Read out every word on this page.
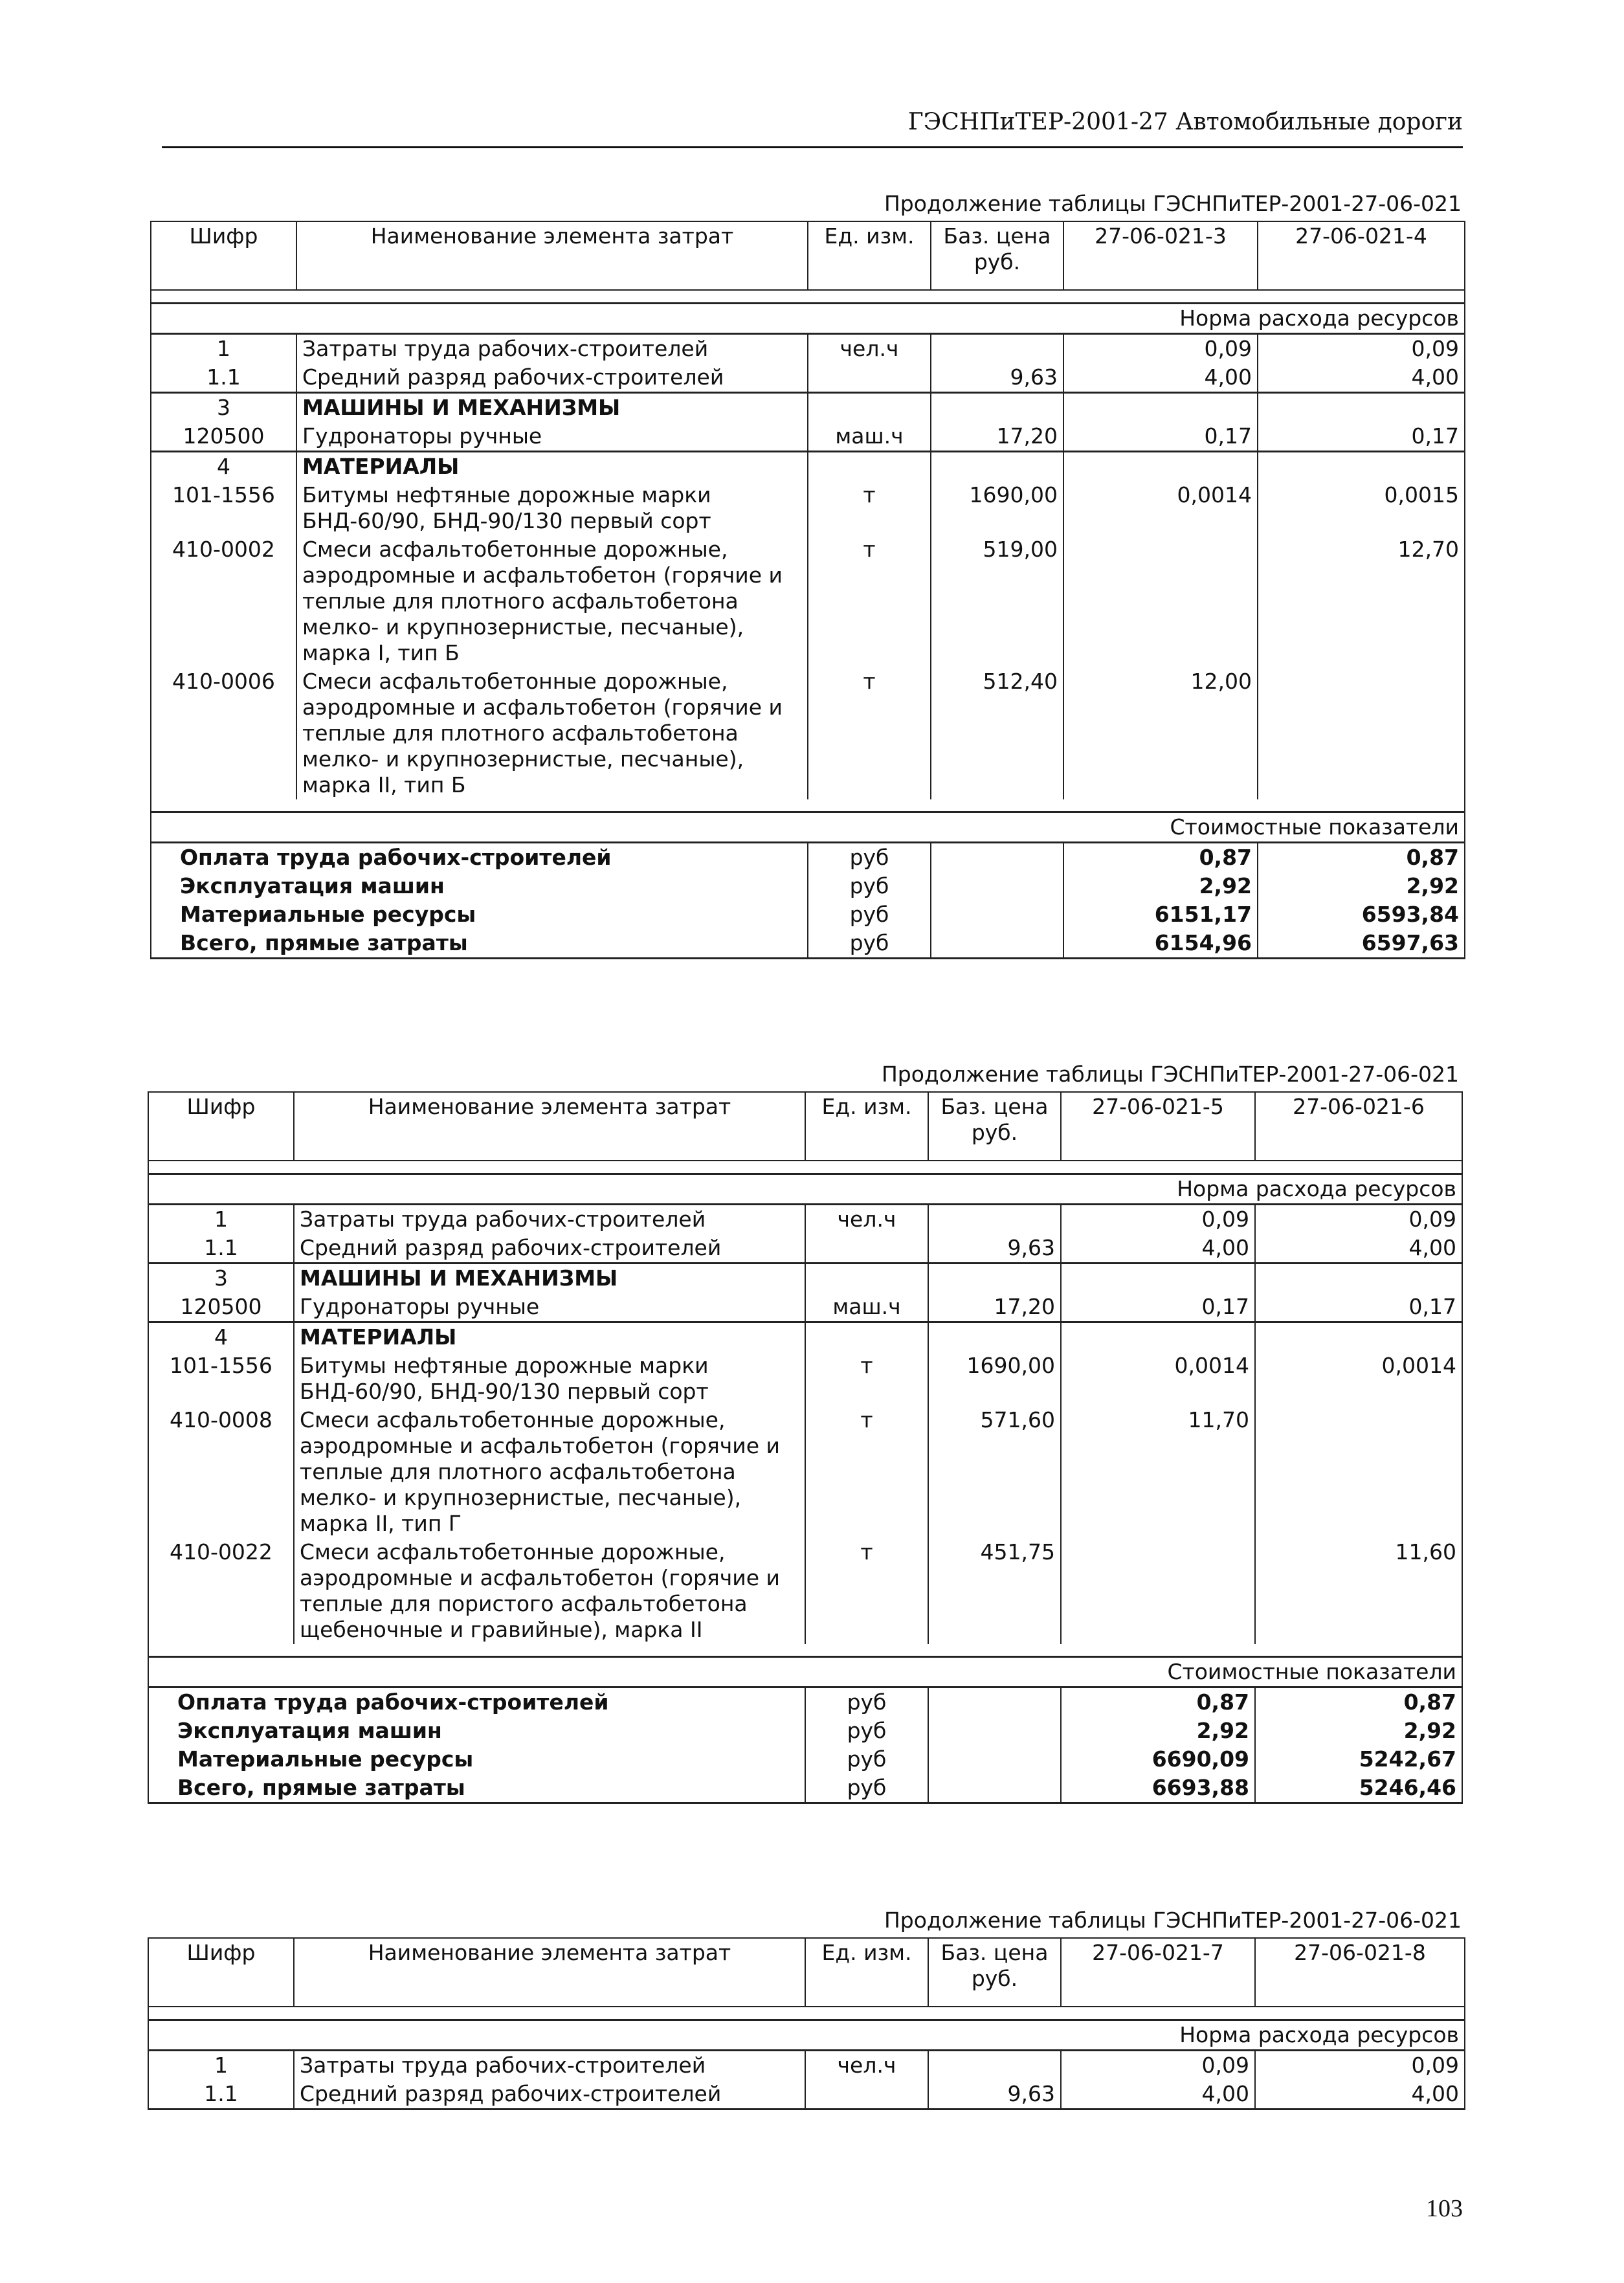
ГЭСНПиТЕР-2001-27 Автомобильные дороги
Продолжение таблицы ГЭСНПиТЕР-2001-27-06-021
Шифр	Наименование элемента затрат	Ед. изм.	Баз. цена руб.	27-06-021-3	27-06-021-4

Норма расхода ресурсов					
1	Затраты труда рабочих-строителей	чел.ч		0,09	0,09
1.1	Средний разряд рабочих-строителей		9,63	4,00	4,00
3	МАШИНЫ И МЕХАНИЗМЫ				
120500	Гудронаторы ручные	маш.ч	17,20	0,17	0,17
4	МАТЕРИАЛЫ				
101-1556	Битумы нефтяные дорожные марки БНД-60/90, БНД-90/130 первый сорт	т	1690,00	0,0014	0,0015
410-0002	Смеси асфальтобетонные дорожные, аэродромные и асфальтобетон (горячие и теплые для плотного асфальтобетона мелко- и крупнозернистые, песчаные), марка I, тип Б	т	519,00		12,70
410-0006	Смеси асфальтобетонные дорожные, аэродромные и асфальтобетон (горячие и теплые для плотного асфальтобетона мелко- и крупнозернистые, песчаные), марка II, тип Б	т	512,40	12,00	

Стоимостные показатели					
Оплата труда рабочих-строителей		руб		0,87	0,87
Эксплуатация машин		руб		2,92	2,92
Материальные ресурсы		руб		6151,17	6593,84
Всего, прямые затраты		руб		6154,96	6597,63
Продолжение таблицы ГЭСНПиТЕР-2001-27-06-021
Шифр	Наименование элемента затрат	Ед. изм.	Баз. цена руб.	27-06-021-5	27-06-021-6

Норма расхода ресурсов					
1	Затраты труда рабочих-строителей	чел.ч		0,09	0,09
1.1	Средний разряд рабочих-строителей		9,63	4,00	4,00
3	МАШИНЫ И МЕХАНИЗМЫ				
120500	Гудронаторы ручные	маш.ч	17,20	0,17	0,17
4	МАТЕРИАЛЫ				
101-1556	Битумы нефтяные дорожные марки БНД-60/90, БНД-90/130 первый сорт	т	1690,00	0,0014	0,0014
410-0008	Смеси асфальтобетонные дорожные, аэродромные и асфальтобетон (горячие и теплые для плотного асфальтобетона мелко- и крупнозернистые, песчаные), марка II, тип Г	т	571,60	11,70	
410-0022	Смеси асфальтобетонные дорожные, аэродромные и асфальтобетон (горячие и теплые для пористого асфальтобетона щебеночные и гравийные), марка II	т	451,75		11,60

Стоимостные показатели					
Оплата труда рабочих-строителей		руб		0,87	0,87
Эксплуатация машин		руб		2,92	2,92
Материальные ресурсы		руб		6690,09	5242,67
Всего, прямые затраты		руб		6693,88	5246,46
Продолжение таблицы ГЭСНПиТЕР-2001-27-06-021
Шифр	Наименование элемента затрат	Ед. изм.	Баз. цена руб.	27-06-021-7	27-06-021-8

Норма расхода ресурсов					
1	Затраты труда рабочих-строителей	чел.ч		0,09	0,09
1.1	Средний разряд рабочих-строителей		9,63	4,00	4,00
103
